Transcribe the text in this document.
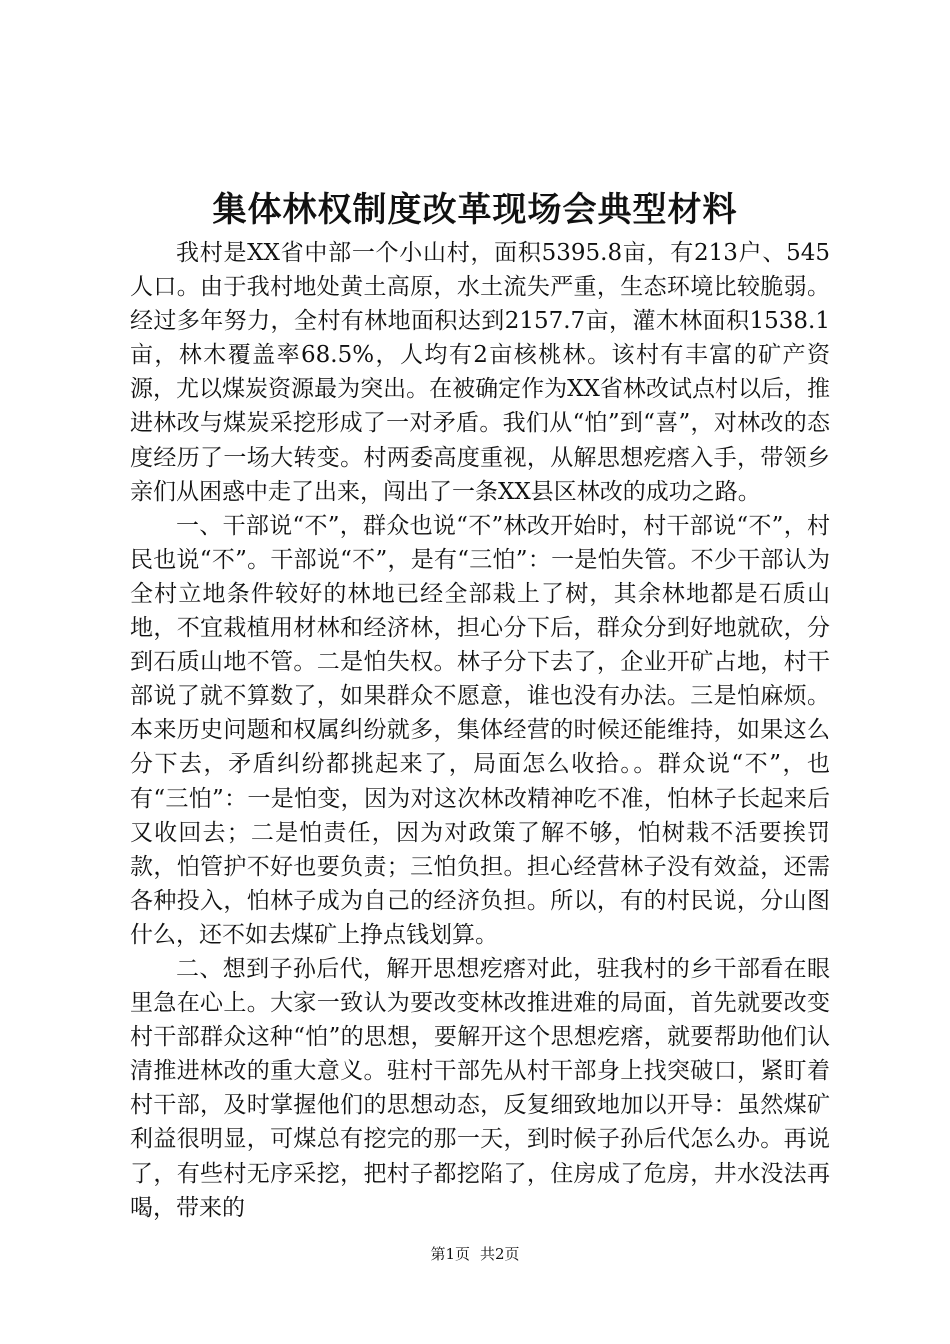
集体林权制度改革现场会典型材料

我村是XX省中部一个小山村，面积5395.8亩，有213户、545人口。由于我村地处黄土高原，水土流失严重，生态环境比较脆弱。经过多年努力，全村有林地面积达到2157.7亩，灌木林面积1538.1亩，林木覆盖率68.5%，人均有2亩核桃林。该村有丰富的矿产资源，尤以煤炭资源最为突出。在被确定作为XX省林改试点村以后，推进林改与煤炭采挖形成了一对矛盾。我们从“怕”到“喜”，对林改的态度经历了一场大转变。村两委高度重视，从解思想疙瘩入手，带领乡亲们从困惑中走了出来，闯出了一条XX县区林改的成功之路。

一、干部说“不”，群众也说“不”林改开始时，村干部说“不”，村民也说“不”。干部说“不”，是有“三怕”：一是怕失管。不少干部认为全村立地条件较好的林地已经全部栽上了树，其余林地都是石质山地，不宜栽植用材林和经济林，担心分下后，群众分到好地就砍，分到石质山地不管。二是怕失权。林子分下去了，企业开矿占地，村干部说了就不算数了，如果群众不愿意，谁也没有办法。三是怕麻烦。本来历史问题和权属纠纷就多，集体经营的时候还能维持，如果这么分下去，矛盾纠纷都挑起来了，局面怎么收拾。。群众说“不”，也有“三怕”：一是怕变，因为对这次林改精神吃不准，怕林子长起来后又收回去；二是怕责任，因为对政策了解不够，怕树栽不活要挨罚款，怕管护不好也要负责；三怕负担。担心经营林子没有效益，还需各种投入，怕林子成为自己的经济负担。所以，有的村民说，分山图什么，还不如去煤矿上挣点钱划算。

二、想到子孙后代，解开思想疙瘩对此，驻我村的乡干部看在眼里急在心上。大家一致认为要改变林改推进难的局面，首先就要改变村干部群众这种“怕”的思想，要解开这个思想疙瘩，就要帮助他们认清推进林改的重大意义。驻村干部先从村干部身上找突破口，紧盯着村干部，及时掌握他们的思想动态，反复细致地加以开导：虽然煤矿利益很明显，可煤总有挖完的那一天，到时候子孙后代怎么办。再说了，有些村无序采挖，把村子都挖陷了，住房成了危房，井水没法再喝，带来的

第1页 共2页
